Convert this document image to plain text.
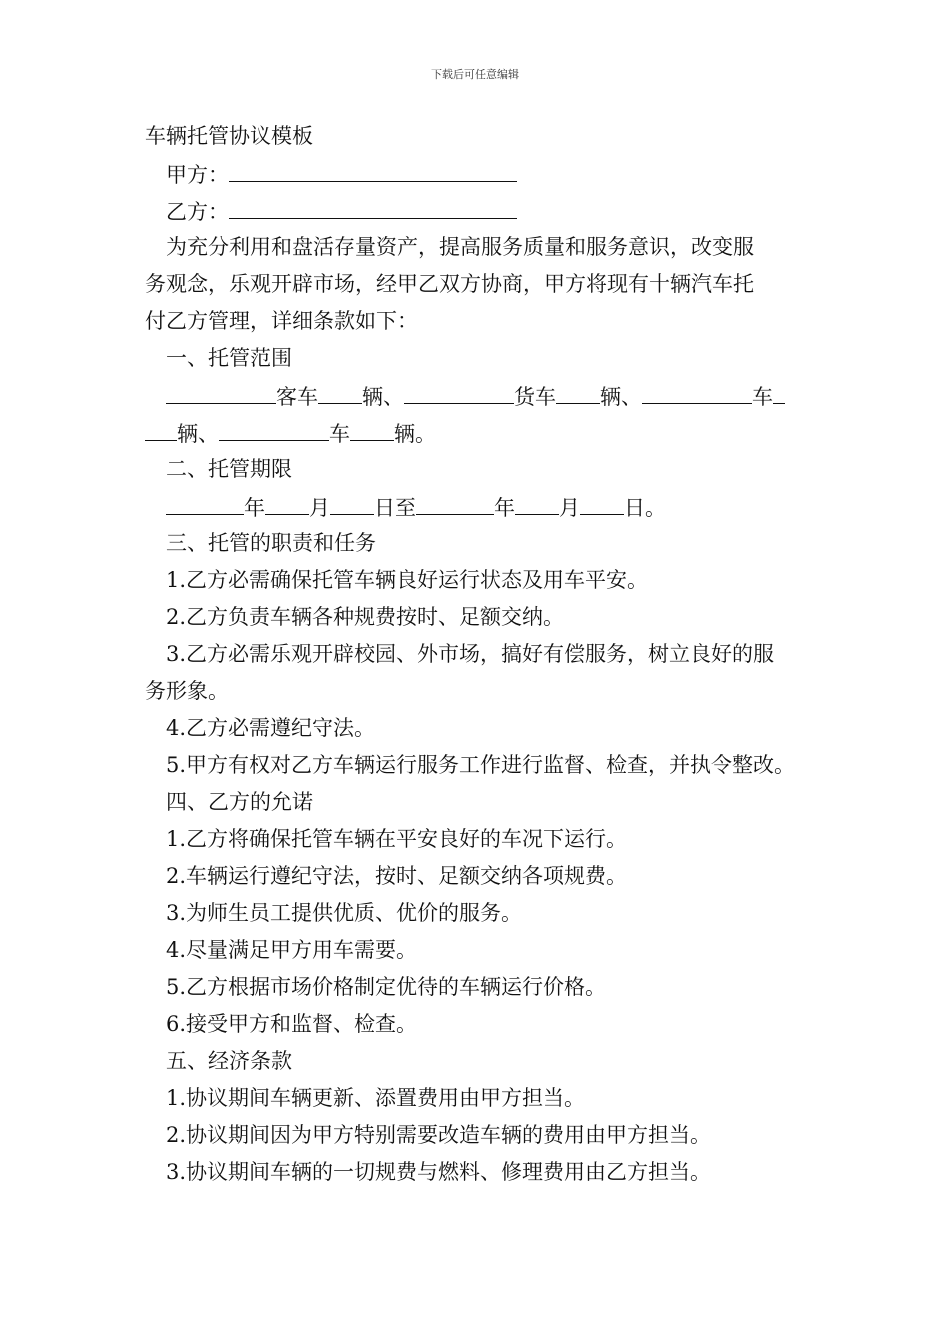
下载后可任意编辑
车辆托管协议模板
甲方：
乙方：
为充分利用和盘活存量资产，提高服务质量和服务意识，改变服
务观念，乐观开辟市场，经甲乙双方协商，甲方将现有十辆汽车托
付乙方管理，详细条款如下：
一、托管范围
客车 辆、	货车 辆、	车
辆、	车 辆。
二、托管期限
年 月 日至	年 月 日。
三、托管的职责和任务
1.乙方必需确保托管车辆良好运行状态及用车平安。
2.乙方负责车辆各种规费按时、足额交纳。
3.乙方必需乐观开辟校园、外市场，搞好有偿服务，树立良好的服
务形象。
4.乙方必需遵纪守法。
5.甲方有权对乙方车辆运行服务工作进行监督、检查，并执令整改。
四、乙方的允诺
1.乙方将确保托管车辆在平安良好的车况下运行。
2.车辆运行遵纪守法，按时、足额交纳各项规费。
3.为师生员工提供优质、优价的服务。
4.尽量满足甲方用车需要。
5.乙方根据市场价格制定优待的车辆运行价格。
6.接受甲方和监督、检查。
五、经济条款
1.协议期间车辆更新、添置费用由甲方担当。
2.协议期间因为甲方特别需要改造车辆的费用由甲方担当。
3.协议期间车辆的一切规费与燃料、修理费用由乙方担当。
